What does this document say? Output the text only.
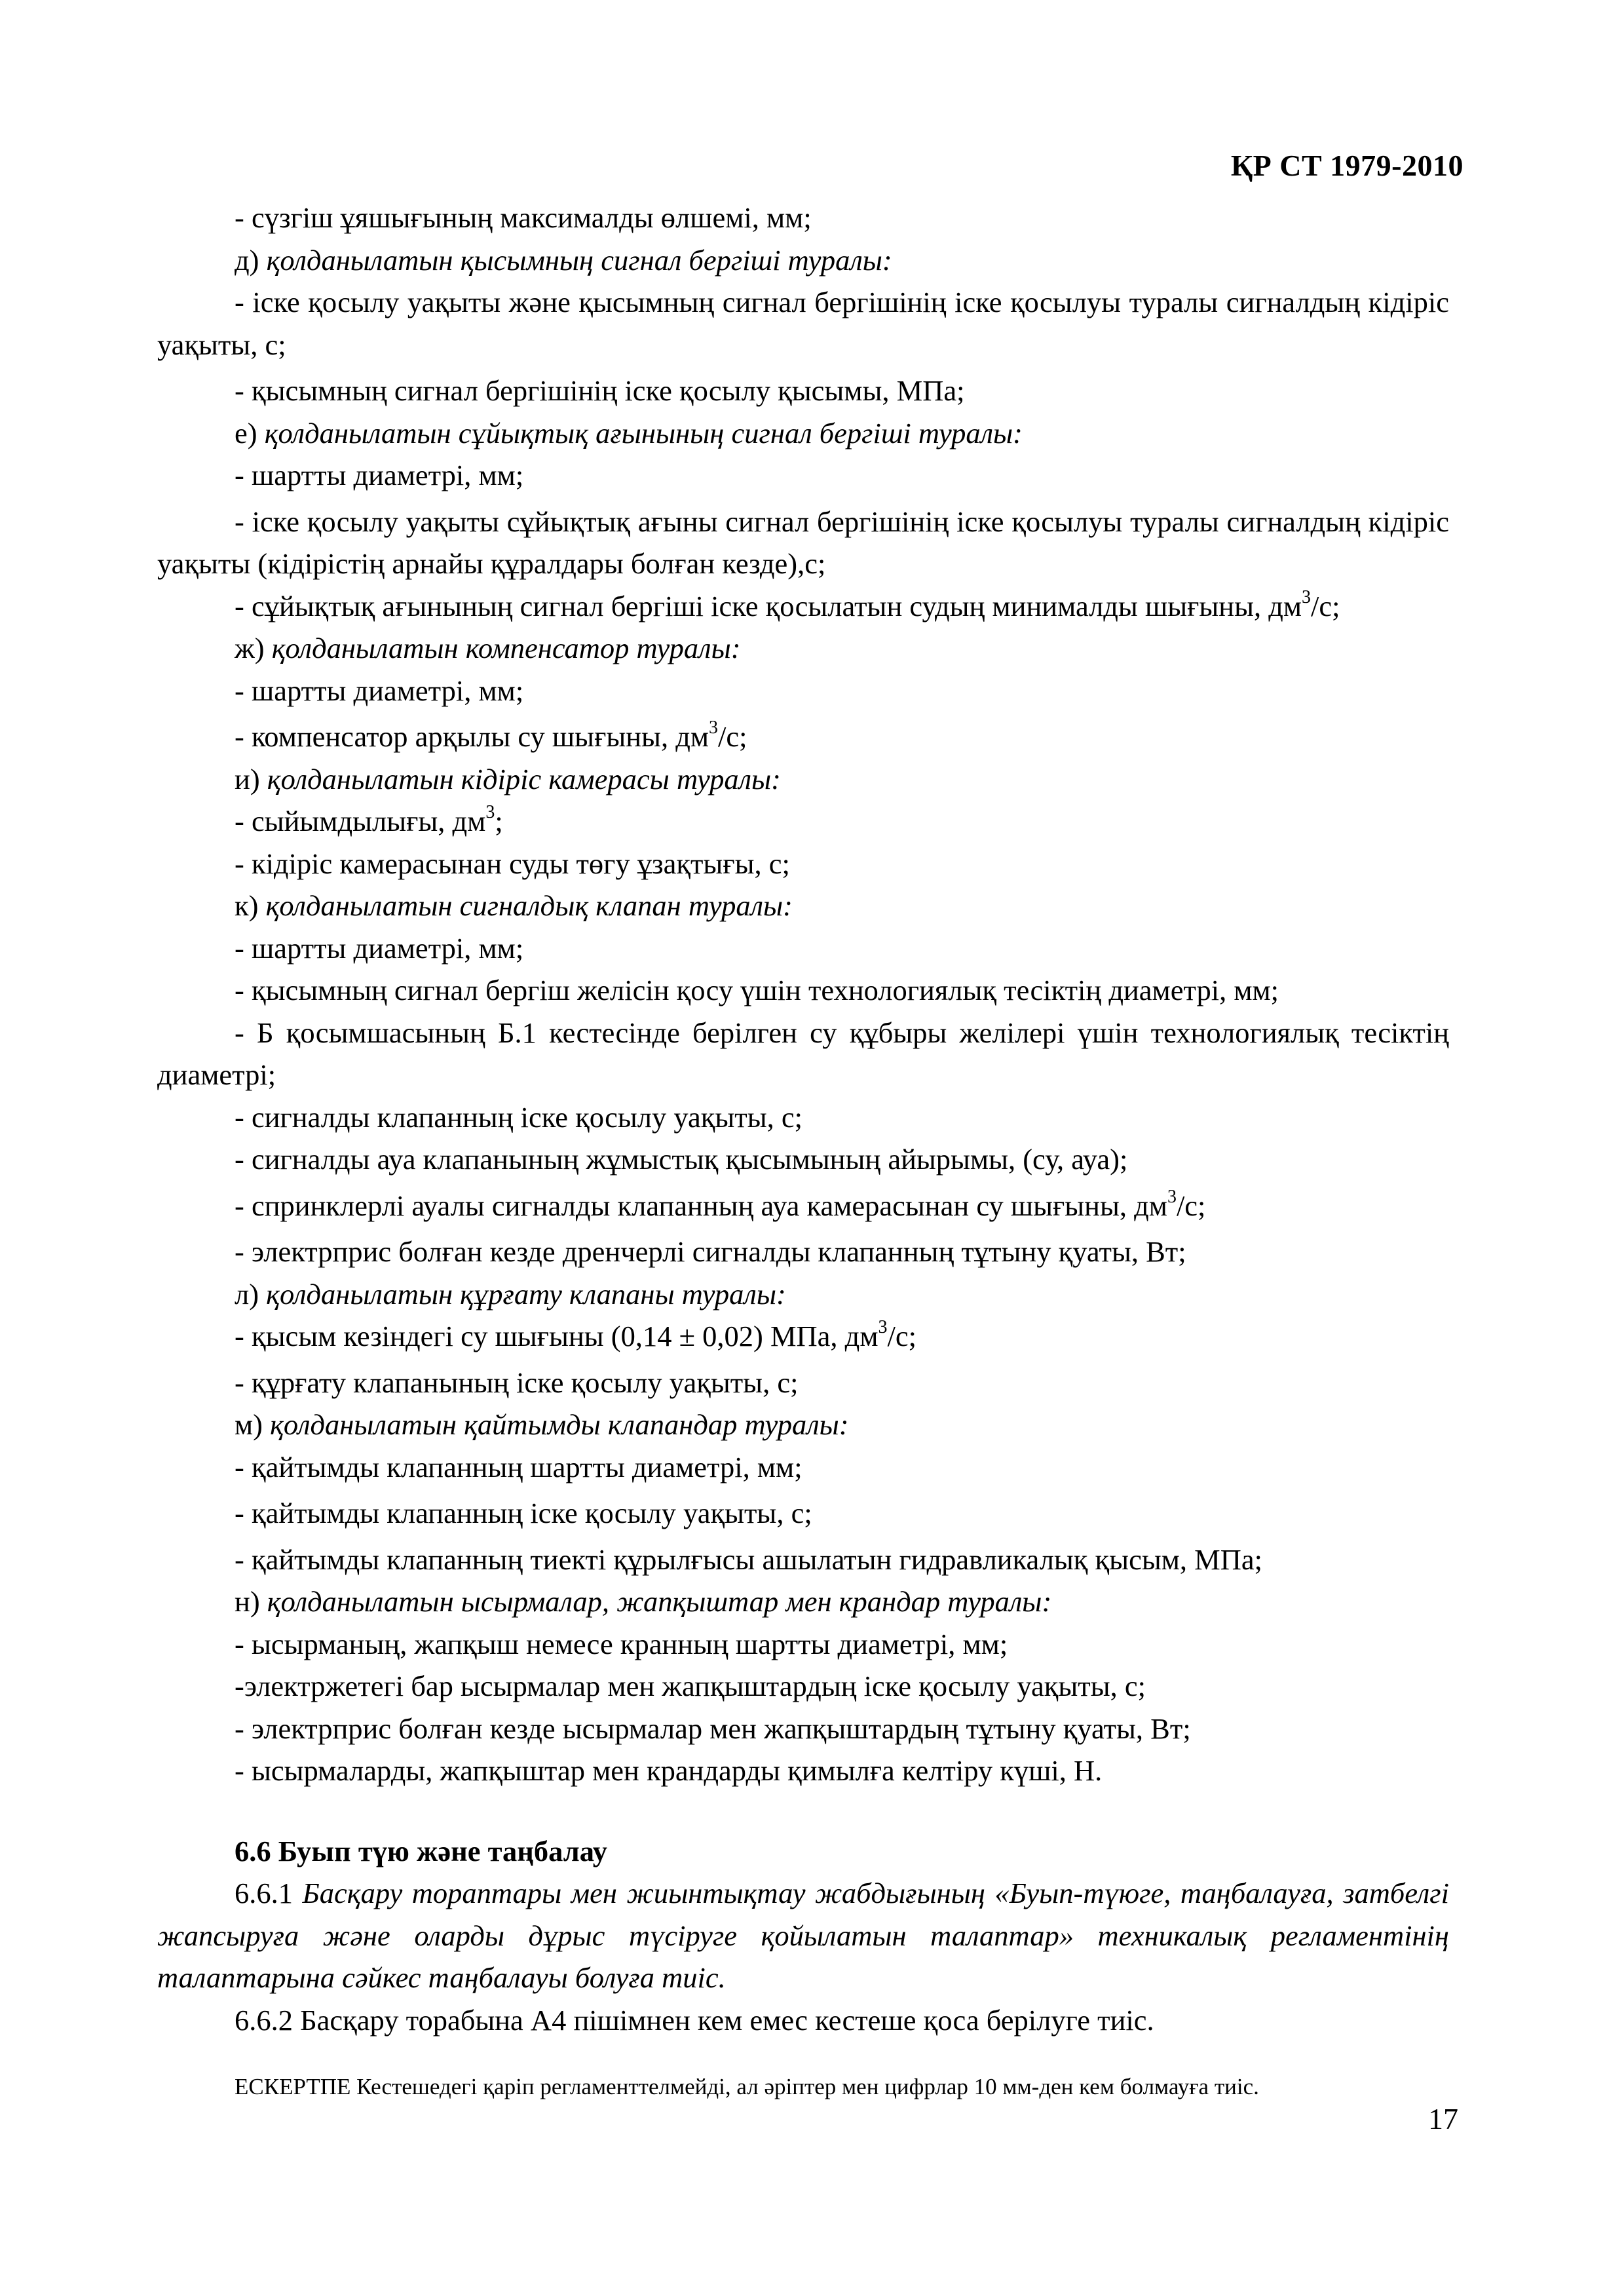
ҚР СТ 1979-2010

- сүзгіш ұяшығының максималды өлшемі, мм;

д) қолданылатын қысымның сигнал бергіші туралы:

- іске қосылу уақыты және қысымның сигнал бергішінің іске қосылуы туралы сигналдың кідіріс уақыты, с;

- қысымның сигнал бергішінің іске қосылу қысымы, МПа;

е) қолданылатын сұйықтық ағынының сигнал бергіші туралы:

- шартты диаметрі, мм;

- іске қосылу уақыты сұйықтық ағыны сигнал бергішінің іске қосылуы туралы сигналдың кідіріс уақыты (кідірістің арнайы құралдары болған кезде),с;

- сұйықтық ағынының сигнал бергіші іске қосылатын судың минималды шығыны, $дм^3/с$;

ж) қолданылатын компенсатор туралы:

- шартты диаметрі, мм;

- компенсатор арқылы су шығыны, $дм^3/с$;

и) қолданылатын кідіріс камерасы туралы:

- сыйымдылығы, $дм^3$;

- кідіріс камерасынан суды төгу ұзақтығы, с;

к) қолданылатын сигналдық клапан туралы:

- шартты диаметрі, мм;

- қысымның сигнал бергіш желісін қосу үшін технологиялық тесіктің диаметрі, мм;

- Б қосымшасының Б.1 кестесінде берілген су құбыры желілері үшін технологиялық тесіктің диаметрі;

- сигналды клапанның іске қосылу уақыты, с;

- сигналды ауа клапанының жұмыстық қысымының айырымы, (су, ауа);

- спринклерлі ауалы сигналды клапанның ауа камерасынан су шығыны, $дм^3/с$;

- электрприс болған кезде дренчерлі сигналды клапанның тұтыну қуаты, Вт;

л) қолданылатын құрғату клапаны туралы:

- қысым кезіндегі су шығыны (0,14 ± 0,02) МПа, $дм^3/с$;

- құрғату клапанының іске қосылу уақыты, с;

м) қолданылатын қайтымды клапандар туралы:

- қайтымды клапанның шартты диаметрі, мм;

- қайтымды клапанның іске қосылу уақыты, с;

- қайтымды клапанның тиекті құрылғысы ашылатын гидравликалық қысым, МПа;

н) қолданылатын ысырмалар, жапқыштар мен крандар туралы:

- ысырманың, жапқыш немесе кранның шартты диаметрі, мм;

-электржетегі бар ысырмалар мен жапқыштардың іске қосылу уақыты, с;

- электрприс болған кезде ысырмалар мен жапқыштардың тұтыну қуаты, Вт;

- ысырмаларды, жапқыштар мен крандарды қимылға келтіру күші, Н.

6.6 Буып түю және таңбалау

6.6.1 Басқару тораптары мен жиынтықтау жабдығының «Буып-түюге, таңбалауға, затбелгі жапсыруға және оларды дұрыс түсіруге қойылатын талаптар» техникалық регламентінің талаптарына сәйкес таңбалауы болуға тиіс.

6.6.2 Басқару торабына А4 пішімнен кем емес кестеше қоса берілуге тиіс.

ЕСКЕРТПЕ Кестешедегі қаріп регламенттелмейді, ал әріптер мен цифрлар 10 мм-ден кем болмауға тиіс.

17
